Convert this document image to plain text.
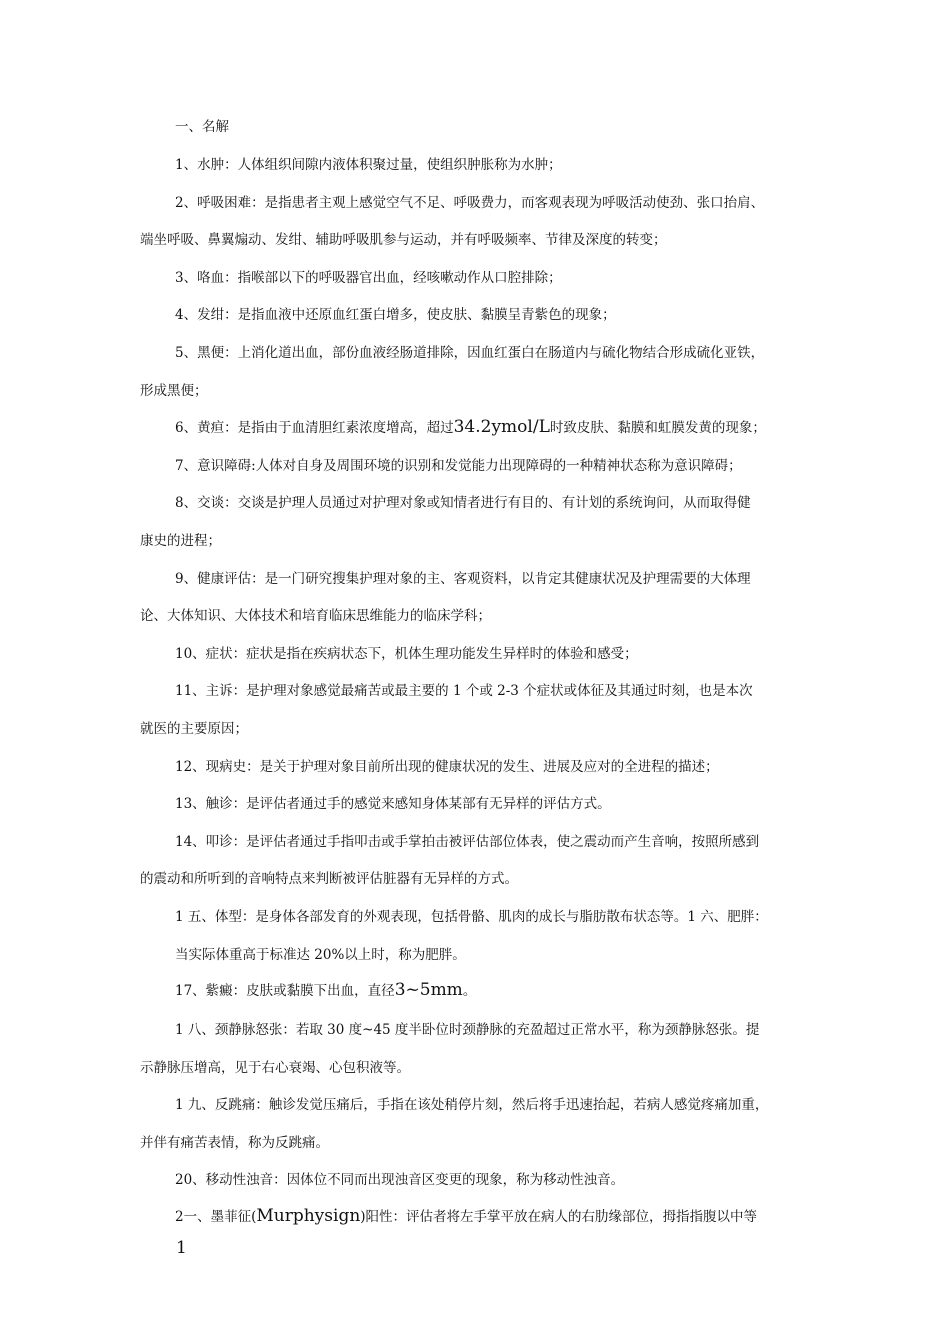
一、名解
1、水肿：人体组织间隙内液体积聚过量，使组织肿胀称为水肿；
2、呼吸困难：是指患者主观上感觉空气不足、呼吸费力，而客观表现为呼吸活动使劲、张口抬肩、
端坐呼吸、鼻翼煽动、发绀、辅助呼吸肌参与运动，并有呼吸频率、节律及深度的转变；
3、咯血：指喉部以下的呼吸器官出血，经咳嗽动作从口腔排除；
4、发绀：是指血液中还原血红蛋白增多，使皮肤、黏膜呈青紫色的现象；
5、黑便：上消化道出血，部份血液经肠道排除，因血红蛋白在肠道内与硫化物结合形成硫化亚铁，
形成黑便；
6、黄疸：是指由于血清胆红素浓度增高，超过34.2ymol/L时致皮肤、黏膜和虹膜发黄的现象；
7、意识障碍:人体对自身及周围环境的识别和发觉能力出现障碍的一种精神状态称为意识障碍；
8、交谈：交谈是护理人员通过对护理对象或知情者进行有目的、有计划的系统询问，从而取得健
康史的进程；
9、健康评估：是一门研究搜集护理对象的主、客观资料，以肯定其健康状况及护理需要的大体理
论、大体知识、大体技术和培育临床思维能力的临床学科；
10、症状：症状是指在疾病状态下，机体生理功能发生异样时的体验和感受；
11、主诉：是护理对象感觉最痛苦或最主要的 1 个或 2-3 个症状或体征及其通过时刻，也是本次
就医的主要原因；
12、现病史：是关于护理对象目前所出现的健康状况的发生、进展及应对的全进程的描述；
13、触诊：是评估者通过手的感觉来感知身体某部有无异样的评估方式。
14、叩诊：是评估者通过手指叩击或手掌拍击被评估部位体表，使之震动而产生音响，按照所感到
的震动和所听到的音响特点来判断被评估脏器有无异样的方式。
1 五、体型：是身体各部发育的外观表现，包括骨骼、肌肉的成长与脂肪散布状态等。1 六、肥胖：
当实际体重高于标准达 20%以上时，称为肥胖。
17、紫癜：皮肤或黏膜下出血，直径3~5mm。
1 八、颈静脉怒张：若取 30 度~45 度半卧位时颈静脉的充盈超过正常水平，称为颈静脉怒张。提
示静脉压增高，见于右心衰竭、心包积液等。
1 九、反跳痛：触诊发觉压痛后，手指在该处稍停片刻，然后将手迅速抬起，若病人感觉疼痛加重，
并伴有痛苦表情，称为反跳痛。
20、移动性浊音：因体位不同而出现浊音区变更的现象，称为移动性浊音。
2一、墨菲征(Murphysign)阳性：评估者将左手掌平放在病人的右肋缘部位，拇指指腹以中等
1
